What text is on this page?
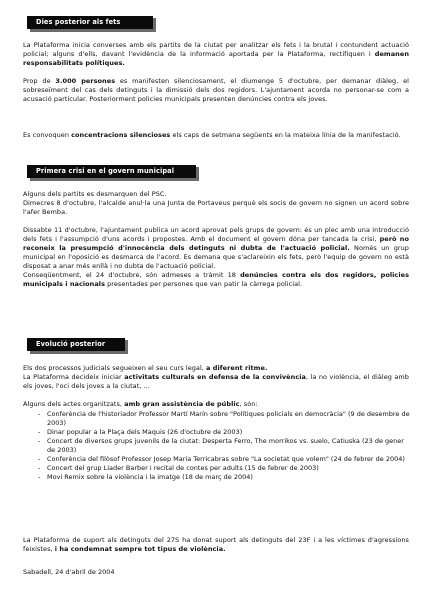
Dies posterior als fets

La Plataforma inicia converses amb els partits de la ciutat per analitzar els fets i la brutal i contundent actuació policial; alguns d'ells, davant l'evidència de la informació aportada per la Plataforma, rectifiquen i demanen responsabilitats polítiques.

Prop de 3.000 persones es manifesten silenciosament, el diumenge 5 d'octubre, per demanar diàleg, el sobreseïment del cas dels detinguts i la dimissió dels dos regidors. L'ajuntament acorda no personar-se com a acusació particular. Posteriorment policies municipals presenten denúncies contra els joves.

Es convoquen concentracions silencioses els caps de setmana següents en la mateixa línia de la manifestació.

Primera crisi en el govern municipal

Alguns dels partits es desmarquen del PSC.

Dimecres 8 d'octubre, l'alcalde anul·la una Junta de Portaveus perquè els socis de govern no signen un acord sobre l'afer Bemba.

Dissabte 11 d'octubre, l'ajuntament publica un acord aprovat pels grups de govern: és un plec amb una introducció dels fets i l'assumpció d'uns acords i propostes. Amb el document el govern dóna per tancada la crisi, però no reconeix la presumpció d'innocència dels detinguts ni dubta de l'actuació policial. Només un grup municipal en l'oposició es desmarca de l'acord. Es demana que s'aclareixin els fets, però l'equip de govern no està disposat a anar més enllà i no dubta de l'actuació policial.

Conseqüentment, el 24 d'octubre, són admeses a tràmit 18 denúncies contra els dos regidors, policies municipals i nacionals presentades per persones que van patir la càrrega policial.

Evolució posterior

Els dos processos judicials segueixen el seu curs legal, a diferent ritme.

La Plataforma decideix iniciar activitats culturals en defensa de la convivència, la no violència, el diàleg amb els joves, l'oci dels joves a la ciutat, ...

Alguns dels actes organitzats, amb gran assistència de públic, són:

- Conferència de l'historiador Professor Martí Marín sobre "Polítiques policials en democràcia" (9 de desembre de 2003)
- Dinar popular a la Plaça dels Maquis (26 d'octubre de 2003)
- Concert de diversos grups juvenils de la ciutat: Desperta Ferro, The morrikos vs. suelo, Catiuska (23 de gener de 2003)
- Conferència del filòsof Professor Josep Maria Terricabras sobre "La societat que volem" (24 de febrer de 2004)
- Concert del grup Liader Barber i recital de contes per adults (15 de febrer de 2003)
- Movi Remix sobre la violència i la imatge (18 de març de 2004)

La Plataforma de suport als detinguts del 27S ha donat suport als detinguts del 23F i a les víctimes d'agressions feixistes, i ha condemnat sempre tot tipus de violència.

Sabadell, 24 d'abril de 2004
